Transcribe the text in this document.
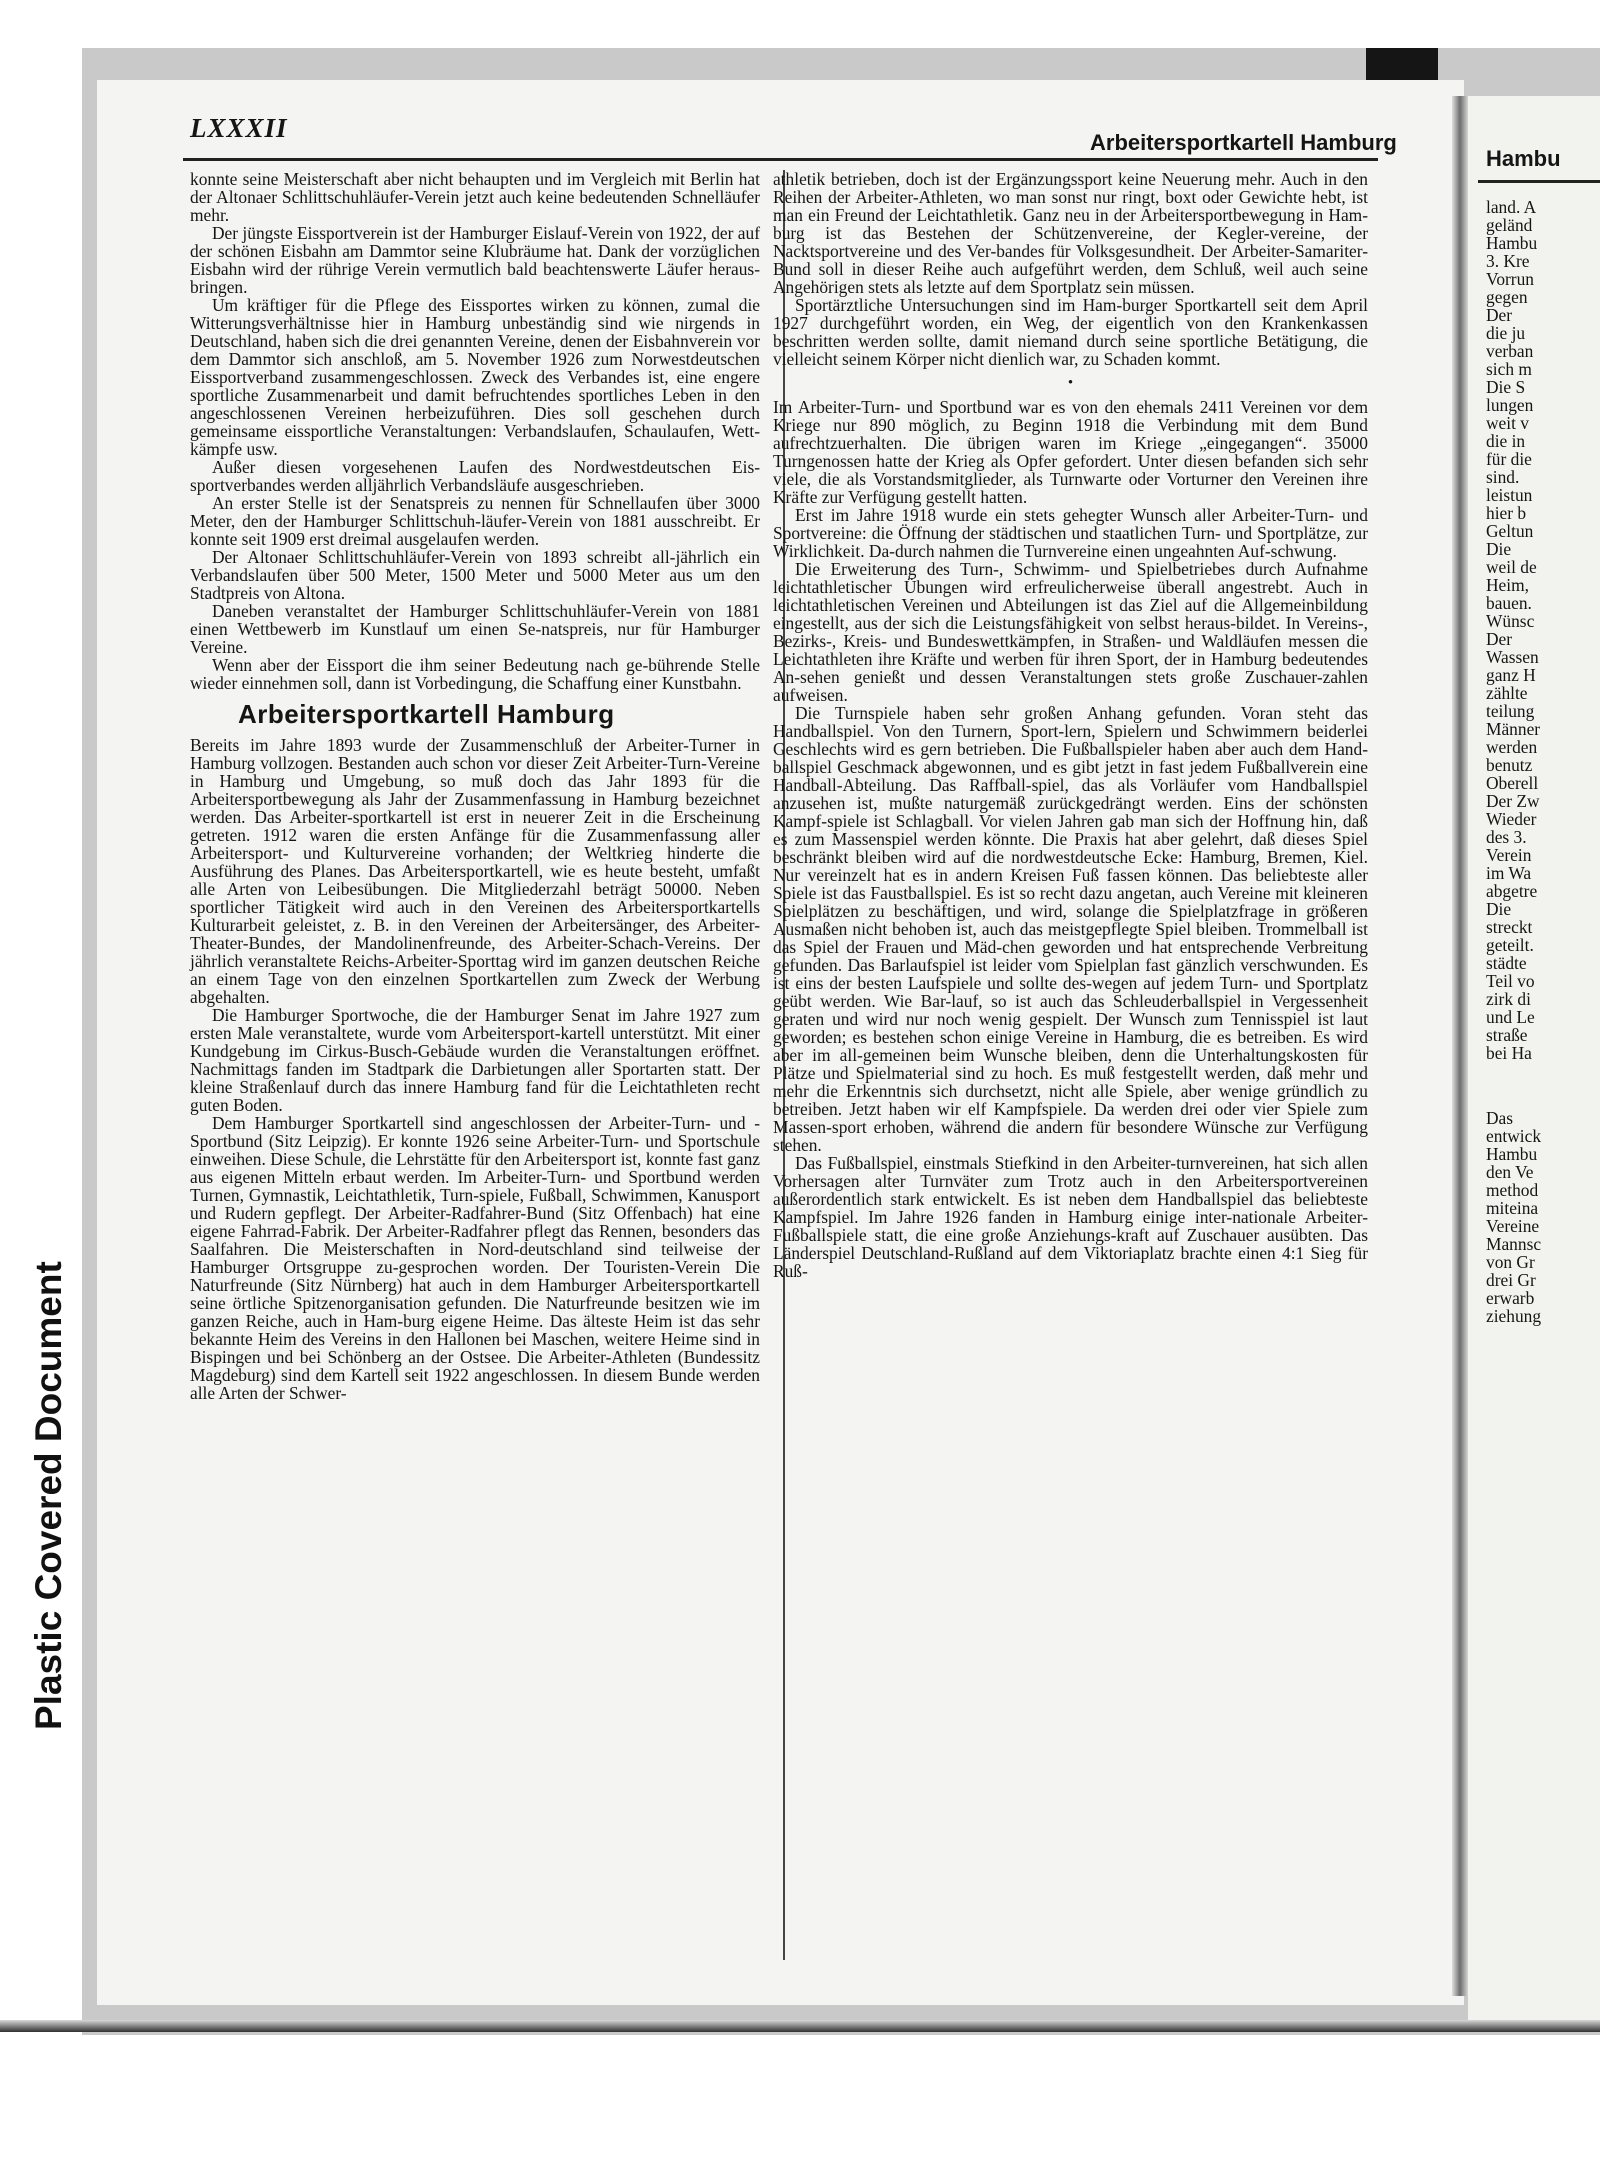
Plastic Covered Document
LXXXII	Arbeitersportkartell Hamburg

konnte seine Meisterschaft aber nicht behaupten und im Vergleich mit Berlin hat der Altonaer Schlittschuhläufer-Verein jetzt auch keine bedeutenden Schnelläufer mehr.

Der jüngste Eissportverein ist der Hamburger Eislauf-Verein von 1922, der auf der schönen Eisbahn am Dammtor seine Klubräume hat. Dank der vorzüglichen Eisbahn wird der rührige Verein vermutlich bald beachtenswerte Läufer heraus-bringen.

Um kräftiger für die Pflege des Eissportes wirken zu können, zumal die Witterungsverhältnisse hier in Hamburg unbeständig sind wie nirgends in Deutschland, haben sich die drei genannten Vereine, denen der Eisbahnverein vor dem Dammtor sich anschloß, am 5. November 1926 zum Norwestdeutschen Eissportverband zusammengeschlossen. Zweck des Verbandes ist, eine engere sportliche Zusammenarbeit und damit befruchtendes sportliches Leben in den angeschlossenen Vereinen herbeizuführen. Dies soll geschehen durch gemeinsame eissportliche Veranstaltungen: Verbandslaufen, Schaulaufen, Wett-kämpfe usw.

Außer diesen vorgesehenen Laufen des Nordwestdeutschen Eis-sportverbandes werden alljährlich Verbandsläufe ausgeschrieben.

An erster Stelle ist der Senatspreis zu nennen für Schnellaufen über 3000 Meter, den der Hamburger Schlittschuh-läufer-Verein von 1881 ausschreibt. Er konnte seit 1909 erst dreimal ausgelaufen werden.

Der Altonaer Schlittschuhläufer-Verein von 1893 schreibt all-jährlich ein Verbandslaufen über 500 Meter, 1500 Meter und 5000 Meter aus um den Stadtpreis von Altona.

Daneben veranstaltet der Hamburger Schlittschuhläufer-Verein von 1881 einen Wettbewerb im Kunstlauf um einen Se-natspreis, nur für Hamburger Vereine.

Wenn aber der Eissport die ihm seiner Bedeutung nach ge-bührende Stelle wieder einnehmen soll, dann ist Vorbedingung, die Schaffung einer Kunstbahn.

Arbeitersportkartell Hamburg

Bereits im Jahre 1893 wurde der Zusammenschluß der Arbeiter-Turner in Hamburg vollzogen. Bestanden auch schon vor dieser Zeit Arbeiter-Turn-Vereine in Hamburg und Umgebung, so muß doch das Jahr 1893 für die Arbeitersportbewegung als Jahr der Zusammenfassung in Hamburg bezeichnet werden. Das Arbeiter-sportkartell ist erst in neuerer Zeit in die Erscheinung getreten. 1912 waren die ersten Anfänge für die Zusammenfassung aller Arbeitersport- und Kulturvereine vorhanden; der Weltkrieg hinderte die Ausführung des Planes. Das Arbeitersportkartell, wie es heute besteht, umfaßt alle Arten von Leibesübungen. Die Mitgliederzahl beträgt 50000. Neben sportlicher Tätigkeit wird auch in den Vereinen des Arbeitersportkartells Kulturarbeit geleistet, z. B. in den Vereinen der Arbeitersänger, des Arbeiter-Theater-Bundes, der Mandolinenfreunde, des Arbeiter-Schach-Vereins. Der jährlich veranstaltete Reichs-Arbeiter-Sporttag wird im ganzen deutschen Reiche an einem Tage von den einzelnen Sportkartellen zum Zweck der Werbung abgehalten.

Die Hamburger Sportwoche, die der Hamburger Senat im Jahre 1927 zum ersten Male veranstaltete, wurde vom Arbeitersport-kartell unterstützt. Mit einer Kundgebung im Cirkus-Busch-Gebäude wurden die Veranstaltungen eröffnet. Nachmittags fanden im Stadtpark die Darbietungen aller Sportarten statt. Der kleine Straßenlauf durch das innere Hamburg fand für die Leichtathleten recht guten Boden.

Dem Hamburger Sportkartell sind angeschlossen der Arbeiter-Turn- und -Sportbund (Sitz Leipzig). Er konnte 1926 seine Arbeiter-Turn- und Sportschule einweihen. Diese Schule, die Lehrstätte für den Arbeitersport ist, konnte fast ganz aus eigenen Mitteln erbaut werden. Im Arbeiter-Turn- und Sportbund werden Turnen, Gymnastik, Leichtathletik, Turn-spiele, Fußball, Schwimmen, Kanusport und Rudern gepflegt. Der Arbeiter-Radfahrer-Bund (Sitz Offenbach) hat eine eigene Fahrrad-Fabrik. Der Arbeiter-Radfahrer pflegt das Rennen, besonders das Saalfahren. Die Meisterschaften in Nord-deutschland sind teilweise der Hamburger Ortsgruppe zu-gesprochen worden. Der Touristen-Verein Die Naturfreunde (Sitz Nürnberg) hat auch in dem Hamburger Arbeitersportkartell seine örtliche Spitzenorganisation gefunden. Die Naturfreunde besitzen wie im ganzen Reiche, auch in Ham-burg eigene Heime. Das älteste Heim ist das sehr bekannte Heim des Vereins in den Hallonen bei Maschen, weitere Heime sind in Bispingen und bei Schönberg an der Ostsee. Die Arbeiter-Athleten (Bundessitz Magdeburg) sind dem Kartell seit 1922 angeschlossen. In diesem Bunde werden alle Arten der Schwer-

athletik betrieben, doch ist der Ergänzungssport keine Neuerung mehr. Auch in den Reihen der Arbeiter-Athleten, wo man sonst nur ringt, boxt oder Gewichte hebt, ist man ein Freund der Leichtathletik. Ganz neu in der Arbeitersportbewegung in Ham-burg ist das Bestehen der Schützenvereine, der Kegler-vereine, der Nacktsportvereine und des Ver-bandes für Volksgesundheit. Der Arbeiter-Samariter-Bund soll in dieser Reihe auch aufgeführt werden, dem Schluß, weil auch seine Angehörigen stets als letzte auf dem Sportplatz sein müssen.

Sportärztliche Untersuchungen sind im Ham-burger Sportkartell seit dem April 1927 durchgeführt worden, ein Weg, der eigentlich von den Krankenkassen beschritten werden sollte, damit niemand durch seine sportliche Betätigung, die vielleicht seinem Körper nicht dienlich war, zu Schaden kommt.

•

Im Arbeiter-Turn- und Sportbund war es von den ehemals 2411 Vereinen vor dem Kriege nur 890 möglich, zu Beginn 1918 die Verbindung mit dem Bund aufrechtzuerhalten. Die übrigen waren im Kriege „eingegangen“. 35000 Turngenossen hatte der Krieg als Opfer gefordert. Unter diesen befanden sich sehr viele, die als Vorstandsmitglieder, als Turnwarte oder Vorturner den Vereinen ihre Kräfte zur Verfügung gestellt hatten.

Erst im Jahre 1918 wurde ein stets gehegter Wunsch aller Arbeiter-Turn- und Sportvereine: die Öffnung der städtischen und staatlichen Turn- und Sportplätze, zur Wirklichkeit. Da-durch nahmen die Turnvereine einen ungeahnten Auf-schwung.

Die Erweiterung des Turn-, Schwimm- und Spielbetriebes durch Aufnahme leichtathletischer Übungen wird erfreulicherweise überall angestrebt. Auch in leichtathletischen Vereinen und Abteilungen ist das Ziel auf die Allgemeinbildung eingestellt, aus der sich die Leistungsfähigkeit von selbst heraus-bildet. In Vereins-, Bezirks-, Kreis- und Bundeswettkämpfen, in Straßen- und Waldläufen messen die Leichtathleten ihre Kräfte und werben für ihren Sport, der in Hamburg bedeutendes An-sehen genießt und dessen Veranstaltungen stets große Zuschauer-zahlen aufweisen.

Die Turnspiele haben sehr großen Anhang gefunden. Voran steht das Handballspiel. Von den Turnern, Sport-lern, Spielern und Schwimmern beiderlei Geschlechts wird es gern betrieben. Die Fußballspieler haben aber auch dem Hand-ballspiel Geschmack abgewonnen, und es gibt jetzt in fast jedem Fußballverein eine Handball-Abteilung. Das Raffball-spiel, das als Vorläufer vom Handballspiel anzusehen ist, mußte naturgemäß zurückgedrängt werden. Eins der schönsten Kampf-spiele ist Schlagball. Vor vielen Jahren gab man sich der Hoffnung hin, daß es zum Massenspiel werden könnte. Die Praxis hat aber gelehrt, daß dieses Spiel beschränkt bleiben wird auf die nordwestdeutsche Ecke: Hamburg, Bremen, Kiel. Nur vereinzelt hat es in andern Kreisen Fuß fassen können. Das beliebteste aller Spiele ist das Faustballspiel. Es ist so recht dazu angetan, auch Vereine mit kleineren Spielplätzen zu beschäftigen, und wird, solange die Spielplatzfrage in größeren Ausmaßen nicht behoben ist, auch das meistgepflegte Spiel bleiben. Trommelball ist das Spiel der Frauen und Mäd-chen geworden und hat entsprechende Verbreitung gefunden. Das Barlaufspiel ist leider vom Spielplan fast gänzlich verschwunden. Es ist eins der besten Laufspiele und sollte des-wegen auf jedem Turn- und Sportplatz geübt werden. Wie Bar-lauf, so ist auch das Schleuderballspiel in Vergessenheit geraten und wird nur noch wenig gespielt. Der Wunsch zum Tennisspiel ist laut geworden; es bestehen schon einige Vereine in Hamburg, die es betreiben. Es wird aber im all-gemeinen beim Wunsche bleiben, denn die Unterhaltungskosten für Plätze und Spielmaterial sind zu hoch. Es muß festgestellt werden, daß mehr und mehr die Erkenntnis sich durchsetzt, nicht alle Spiele, aber wenige gründlich zu betreiben. Jetzt haben wir elf Kampfspiele. Da werden drei oder vier Spiele zum Massen-sport erhoben, während die andern für besondere Wünsche zur Verfügung stehen.

Das Fußballspiel, einstmals Stiefkind in den Arbeiter-turnvereinen, hat sich allen Vorhersagen alter Turnväter zum Trotz auch in den Arbeitersportvereinen außerordentlich stark entwickelt. Es ist neben dem Handballspiel das beliebteste Kampfspiel. Im Jahre 1926 fanden in Hamburg einige inter-nationale Arbeiter-Fußballspiele statt, die eine große Anziehungs-kraft auf Zuschauer ausübten. Das Länderspiel Deutschland-Rußland auf dem Viktoriaplatz brachte einen 4:1 Sieg für Ruß-

Hambu
land. A
geländ
Hambu
3. Kre
Vorrun
gegen
Der
die ju
verban
sich m
Die S
lungen
weit v
die in
für die
sind.
leistun
hier b
Geltun
Die
weil de
Heim,
bauen.
Wünsc
Der
Wassen
ganz H
zählte
teilung
Männer
werden
benutz
Oberell
Der Zw
Wieder
des 3.
Verein
im Wa
abgetre
Die
streckt
geteilt.
städte
Teil vo
zirk di
und Le
straße
bei Ha
Das
entwick
Hambu
den Ve
method
miteina
Vereine
Mannsc
von Gr
drei Gr
erwarb
ziehung
